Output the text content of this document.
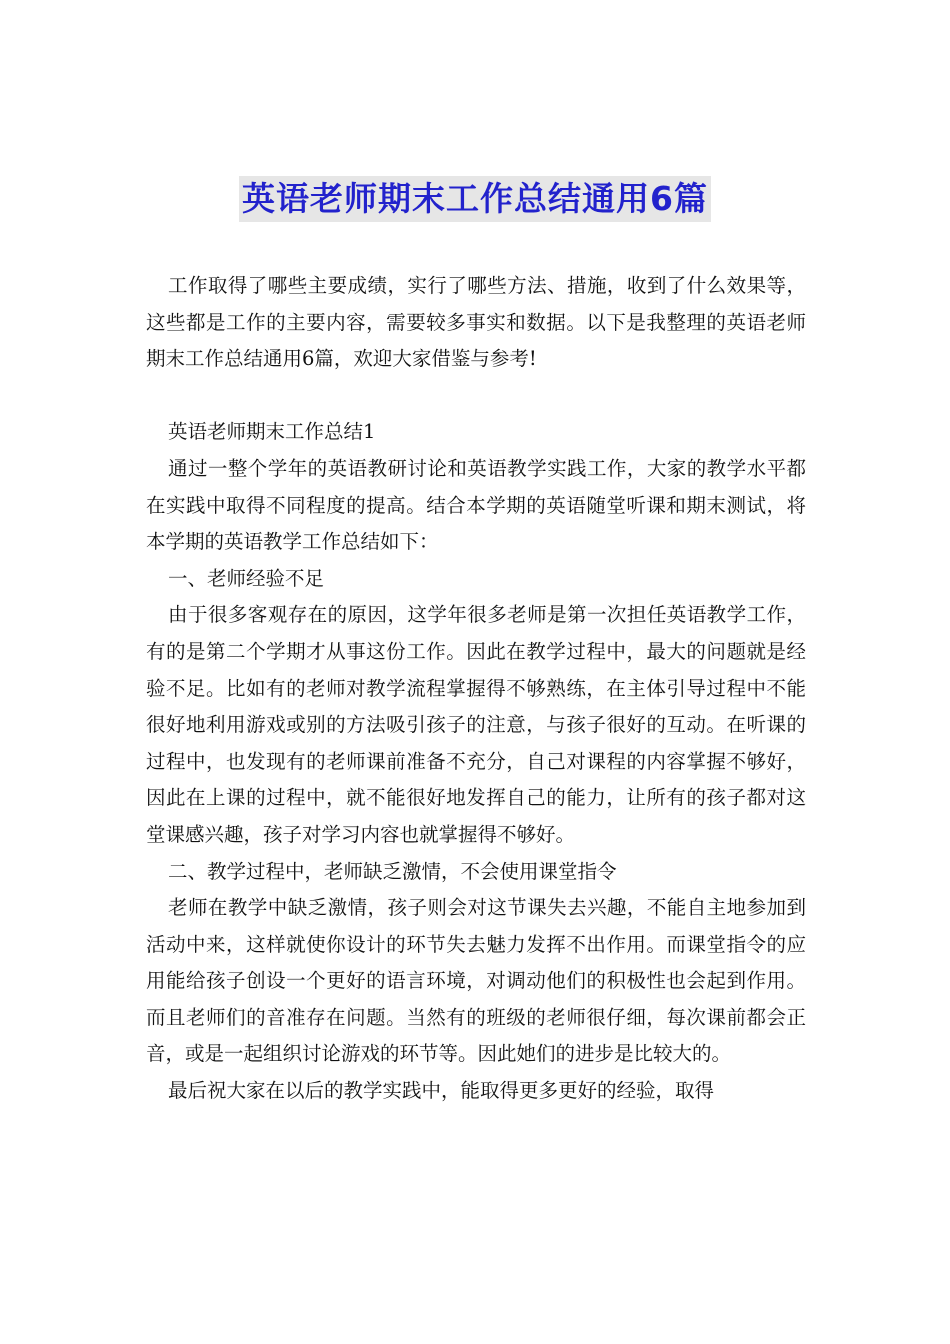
英语老师期末工作总结通用6篇

工作取得了哪些主要成绩，实行了哪些方法、措施，收到了什么效果等，这些都是工作的主要内容，需要较多事实和数据。以下是我整理的英语老师期末工作总结通用6篇，欢迎大家借鉴与参考!

英语老师期末工作总结1

通过一整个学年的英语教研讨论和英语教学实践工作，大家的教学水平都在实践中取得不同程度的提高。结合本学期的英语随堂听课和期末测试，将本学期的英语教学工作总结如下：

一、老师经验不足

由于很多客观存在的原因，这学年很多老师是第一次担任英语教学工作，有的是第二个学期才从事这份工作。因此在教学过程中，最大的问题就是经验不足。比如有的老师对教学流程掌握得不够熟练，在主体引导过程中不能很好地利用游戏或别的方法吸引孩子的注意，与孩子很好的互动。在听课的过程中，也发现有的老师课前准备不充分，自己对课程的内容掌握不够好，因此在上课的过程中，就不能很好地发挥自己的能力，让所有的孩子都对这堂课感兴趣，孩子对学习内容也就掌握得不够好。

二、教学过程中，老师缺乏激情，不会使用课堂指令

老师在教学中缺乏激情，孩子则会对这节课失去兴趣，不能自主地参加到活动中来，这样就使你设计的环节失去魅力发挥不出作用。而课堂指令的应用能给孩子创设一个更好的语言环境，对调动他们的积极性也会起到作用。而且老师们的音准存在问题。当然有的班级的老师很仔细，每次课前都会正音，或是一起组织讨论游戏的环节等。因此她们的进步是比较大的。

最后祝大家在以后的教学实践中，能取得更多更好的经验，取得
